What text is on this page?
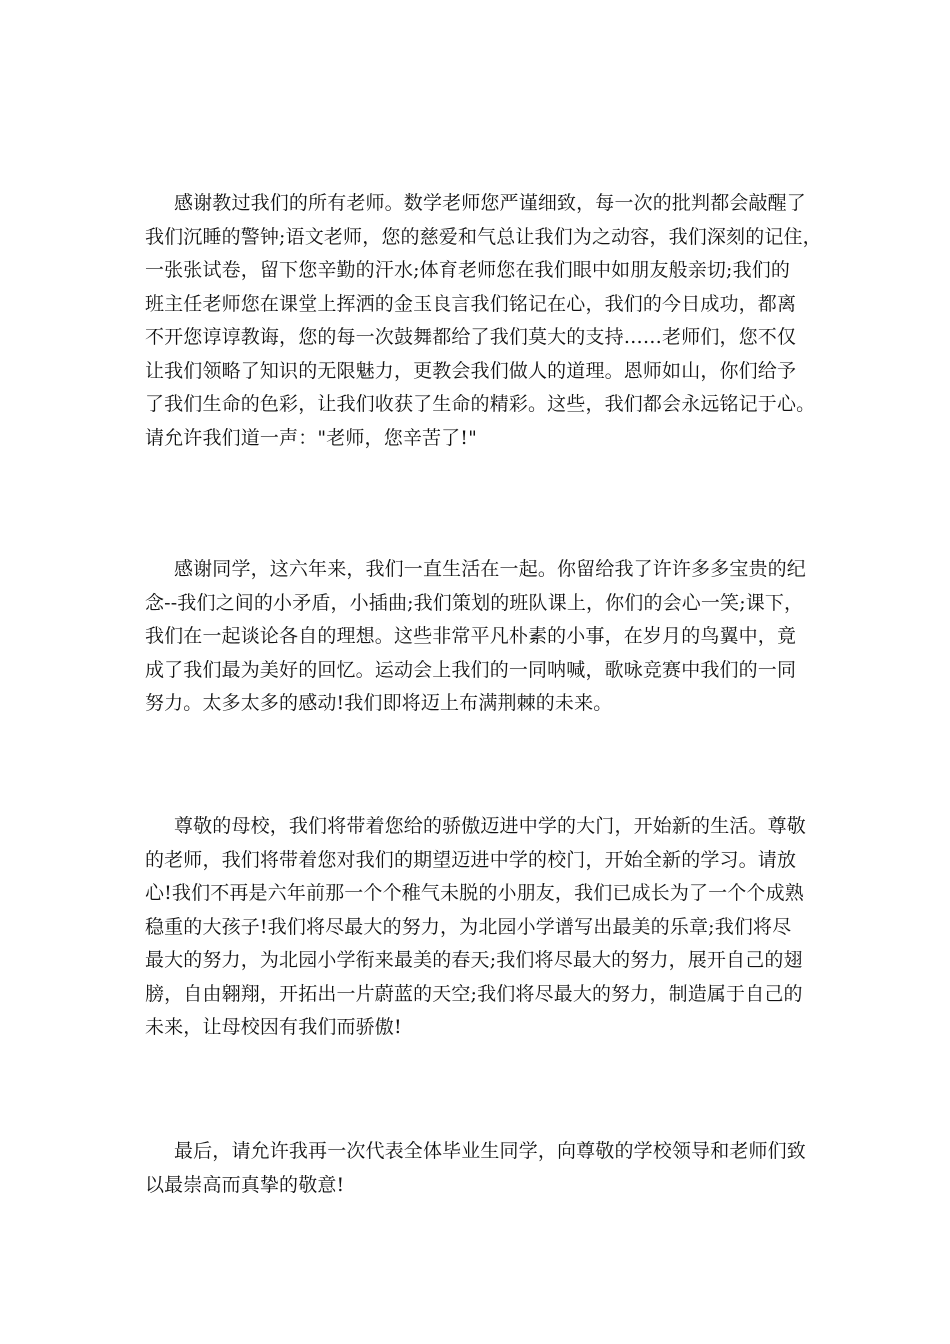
感谢教过我们的所有老师。数学老师您严谨细致，每一次的批判都会敲醒了
我们沉睡的警钟;语文老师，您的慈爱和气总让我们为之动容，我们深刻的记住，
一张张试卷，留下您辛勤的汗水;体育老师您在我们眼中如朋友般亲切;我们的
班主任老师您在课堂上挥洒的金玉良言我们铭记在心，我们的今日成功，都离
不开您谆谆教诲，您的每一次鼓舞都给了我们莫大的支持……老师们，您不仅
让我们领略了知识的无限魅力，更教会我们做人的道理。恩师如山，你们给予
了我们生命的色彩，让我们收获了生命的精彩。这些，我们都会永远铭记于心。
请允许我们道一声："老师，您辛苦了!"
感谢同学，这六年来，我们一直生活在一起。你留给我了许许多多宝贵的纪
念--我们之间的小矛盾，小插曲;我们策划的班队课上，你们的会心一笑;课下，
我们在一起谈论各自的理想。这些非常平凡朴素的小事，在岁月的鸟翼中，竟
成了我们最为美好的回忆。运动会上我们的一同呐喊，歌咏竞赛中我们的一同
努力。太多太多的感动!我们即将迈上布满荆棘的未来。
尊敬的母校，我们将带着您给的骄傲迈进中学的大门，开始新的生活。尊敬
的老师，我们将带着您对我们的期望迈进中学的校门，开始全新的学习。请放
心!我们不再是六年前那一个个稚气未脱的小朋友，我们已成长为了一个个成熟
稳重的大孩子!我们将尽最大的努力，为北园小学谱写出最美的乐章;我们将尽
最大的努力，为北园小学衔来最美的春天;我们将尽最大的努力，展开自己的翅
膀，自由翱翔，开拓出一片蔚蓝的天空;我们将尽最大的努力，制造属于自己的
未来，让母校因有我们而骄傲!
最后，请允许我再一次代表全体毕业生同学，向尊敬的学校领导和老师们致
以最崇高而真挚的敬意!
